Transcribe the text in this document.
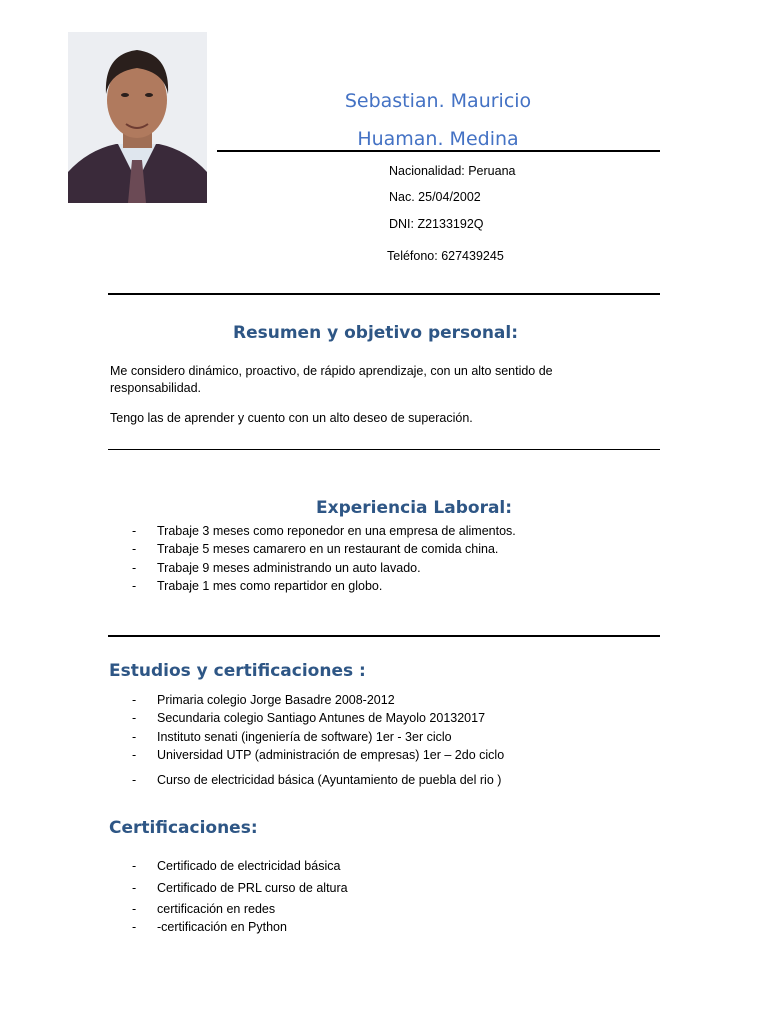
Sebastian. Mauricio
Huaman. Medina
Nacionalidad: Peruana
Nac. 25/04/2002
DNI: Z2133192Q
Teléfono: 627439245
Resumen y objetivo personal:
Me considero dinámico, proactivo, de rápido aprendizaje, con un alto sentido de responsabilidad.
Tengo las de aprender y cuento con un alto deseo de superación.
Experiencia Laboral:
- Trabaje 3 meses como reponedor en una empresa de alimentos.
- Trabaje 5 meses camarero en un restaurant de comida china.
- Trabaje 9 meses administrando un auto lavado.
- Trabaje 1 mes como repartidor en globo.
Estudios y certificaciones :
- Primaria colegio Jorge Basadre 2008-2012
- Secundaria colegio Santiago Antunes de Mayolo 20132017
- Instituto senati (ingeniería de software) 1er - 3er ciclo
- Universidad UTP (administración de empresas) 1er – 2do ciclo
- Curso de electricidad básica (Ayuntamiento de puebla del rio )
Certificaciones:
- Certificado de electricidad básica
- Certificado de PRL curso de altura
- certificación en redes
- -certificación en Python
